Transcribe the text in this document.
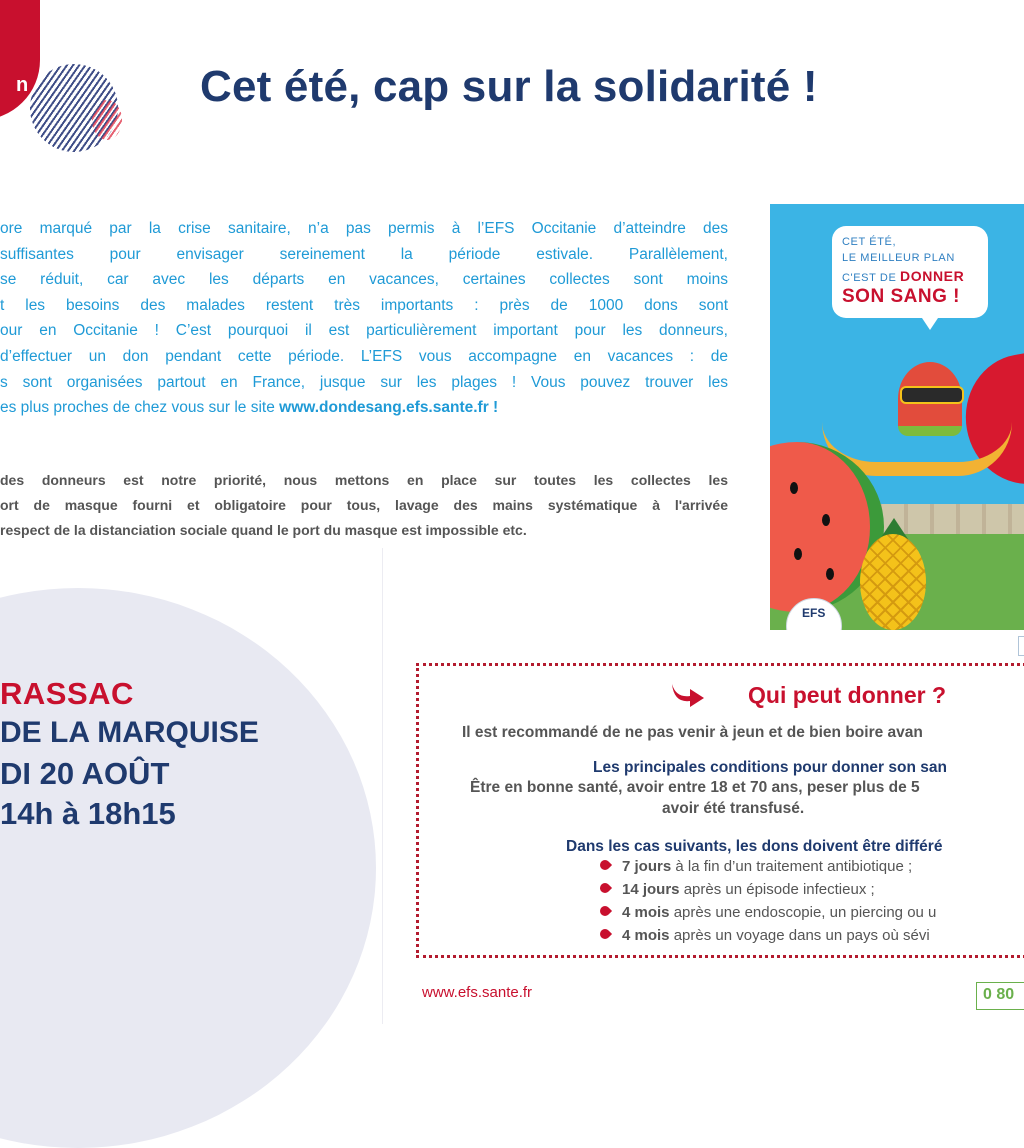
n	Cet été, cap sur la solidarité !
ore marqué par la crise sanitaire, n’a pas permis à l’EFS Occitanie d’atteindre des
suffisantes pour envisager sereinement la période estivale. Parallèlement,
se réduit, car avec les départs en vacances, certaines collectes sont moins
t les besoins des malades restent très importants : près de 1000 dons sont
our en Occitanie ! C’est pourquoi il est particulièrement important pour les donneurs,
d’effectuer un don pendant cette période. L’EFS vous accompagne en vacances : de
s sont organisées partout en France, jusque sur les plages ! Vous pouvez trouver les
es plus proches de chez vous sur le site www.dondesang.efs.sante.fr !
des donneurs est notre priorité, nous mettons en place sur toutes les collectes les
ort de masque fourni et obligatoire pour tous, lavage des mains systématique à l'arrivée
respect de la distanciation sociale quand le port du masque est impossible etc.
CET ÉTÉ,
LE MEILLEUR PLAN
C'EST DE DONNER
SON SANG !
EFS
RASSAC
DE LA MARQUISE
DI 20 AOÛT
14h à 18h15
Qui peut donner ?
Il est recommandé de ne pas venir à jeun et de bien boire avan
Les principales conditions pour donner son san
Être en bonne santé, avoir entre 18 et 70 ans, peser plus de 5
avoir été transfusé.
Dans les cas suivants, les dons doivent être différé
7 jours à la fin d’un traitement antibiotique ;
14 jours après un épisode infectieux ;
4 mois après une endoscopie, un piercing ou u
4 mois après un voyage dans un pays où sévi
www.efs.sante.fr	0 80
